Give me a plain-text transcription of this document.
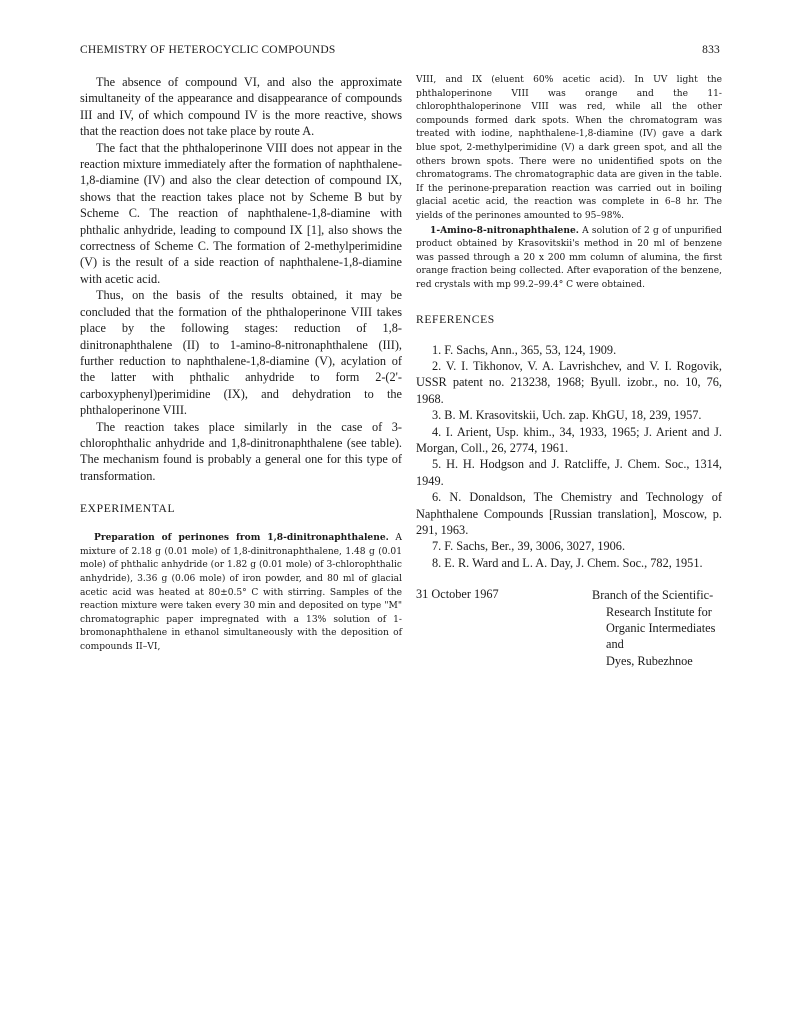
CHEMISTRY OF HETEROCYCLIC COMPOUNDS	833

The absence of compound VI, and also the approximate simultaneity of the appearance and disappearance of compounds III and IV, of which compound IV is the more reactive, shows that the reaction does not take place by route A.

The fact that the phthaloperinone VIII does not appear in the reaction mixture immediately after the formation of naphthalene-1,8-diamine (IV) and also the clear detection of compound IX, shows that the reaction takes place not by Scheme B but by Scheme C. The reaction of naphthalene-1,8-diamine with phthalic anhydride, leading to compound IX [1], also shows the correctness of Scheme C. The formation of 2-methylperimidine (V) is the result of a side reaction of naphthalene-1,8-diamine with acetic acid.

Thus, on the basis of the results obtained, it may be concluded that the formation of the phthaloperinone VIII takes place by the following stages: reduction of 1,8-dinitronaphthalene (II) to 1-amino-8-nitronaphthalene (III), further reduction to naphthalene-1,8-diamine (V), acylation of the latter with phthalic anhydride to form 2-(2'-carboxyphenyl)perimidine (IX), and dehydration to the phthaloperinone VIII.

The reaction takes place similarly in the case of 3-chlorophthalic anhydride and 1,8-dinitronaphthalene (see table). The mechanism found is probably a general one for this type of transformation.

EXPERIMENTAL

Preparation of perinones from 1,8-dinitronaphthalene. A mixture of 2.18 g (0.01 mole) of 1,8-dinitronaphthalene, 1.48 g (0.01 mole) of phthalic anhydride (or 1.82 g (0.01 mole) of 3-chlorophthalic anhydride), 3.36 g (0.06 mole) of iron powder, and 80 ml of glacial acetic acid was heated at 80±0.5° C with stirring. Samples of the reaction mixture were taken every 30 min and deposited on type "M" chromatographic paper impregnated with a 13% solution of 1-bromonaphthalene in ethanol simultaneously with the deposition of compounds II–VI,

VIII, and IX (eluent 60% acetic acid). In UV light the phthaloperinone VIII was orange and the 11-chlorophthaloperinone VIII was red, while all the other compounds formed dark spots. When the chromatogram was treated with iodine, naphthalene-1,8-diamine (IV) gave a dark blue spot, 2-methylperimidine (V) a dark green spot, and all the others brown spots. There were no unidentified spots on the chromatograms. The chromatographic data are given in the table. If the perinone-preparation reaction was carried out in boiling glacial acetic acid, the reaction was complete in 6–8 hr. The yields of the perinones amounted to 95–98%.

1-Amino-8-nitronaphthalene. A solution of 2 g of unpurified product obtained by Krasovitskii's method in 20 ml of benzene was passed through a 20 x 200 mm column of alumina, the first orange fraction being collected. After evaporation of the benzene, red crystals with mp 99.2–99.4° C were obtained.

REFERENCES
1. F. Sachs, Ann., 365, 53, 124, 1909.
2. V. I. Tikhonov, V. A. Lavrishchev, and V. I. Rogovik, USSR patent no. 213238, 1968; Byull. izobr., no. 10, 76, 1968.
3. B. M. Krasovitskii, Uch. zap. KhGU, 18, 239, 1957.
4. I. Arient, Usp. khim., 34, 1933, 1965; J. Arient and J. Morgan, Coll., 26, 2774, 1961.
5. H. H. Hodgson and J. Ratcliffe, J. Chem. Soc., 1314, 1949.
6. N. Donaldson, The Chemistry and Technology of Naphthalene Compounds [Russian translation], Moscow, p. 291, 1963.
7. F. Sachs, Ber., 39, 3006, 3027, 1906.
8. E. R. Ward and L. A. Day, J. Chem. Soc., 782, 1951.
31 October 1967	Branch of the Scientific-
Research Institute for
Organic Intermediates and
Dyes, Rubezhnoe
